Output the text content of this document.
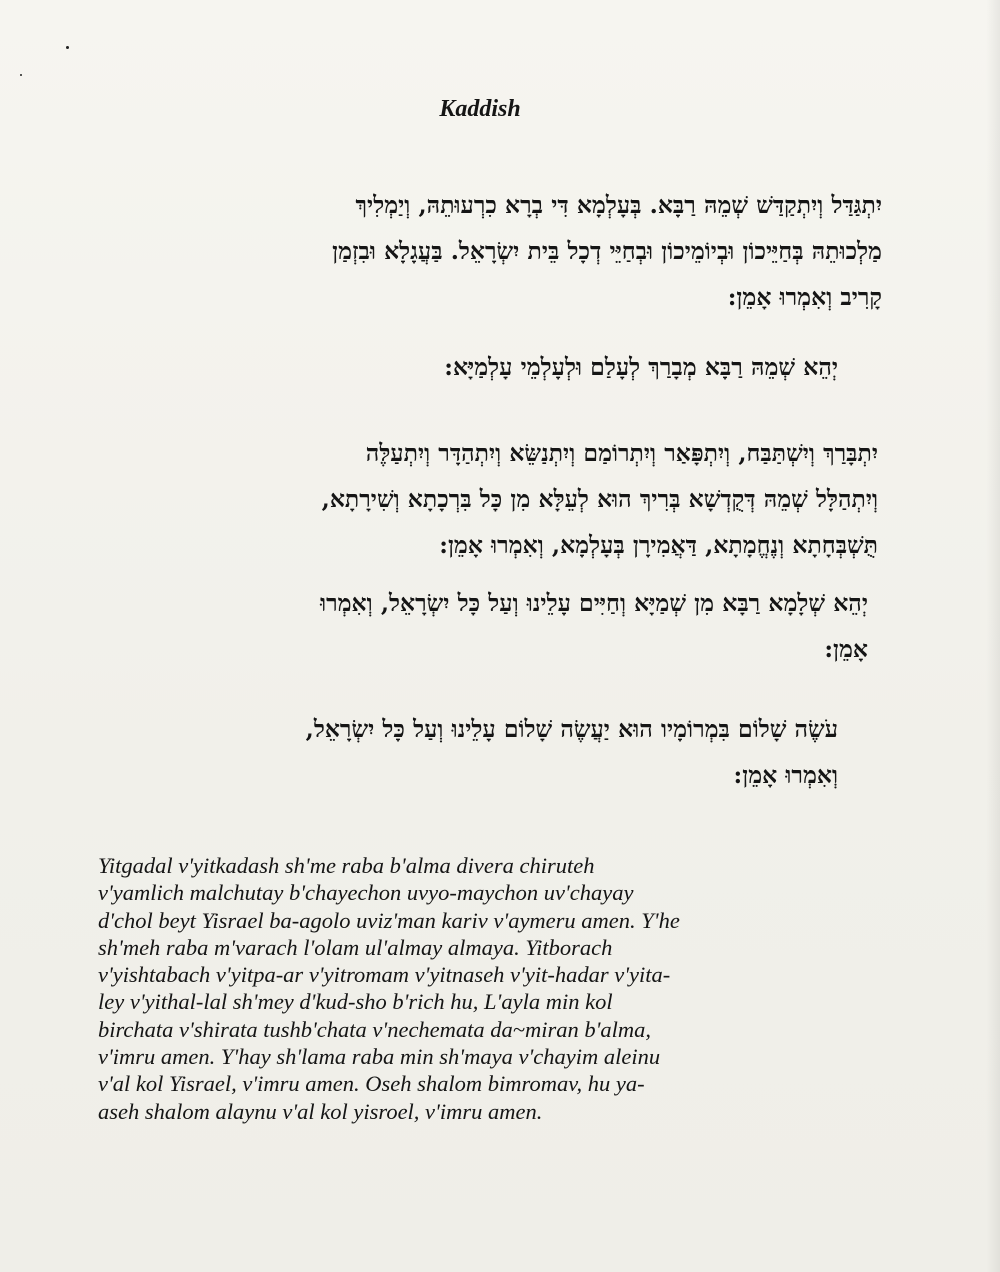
Kaddish
יִתְגַּדַּל וְיִתְקַדַּשׁ שְׁמֵהּ רַבָּא. בְּעָלְמָא דִּי בְרָא כִרְעוּתֵהּ, וְיַמְלִיךְ
מַלְכוּתֵהּ בְּחַיֵּיכוֹן וּבְיוֹמֵיכוֹן וּבְחַיֵּי דְכָל בֵּית יִשְׂרָאֵל. בַּעֲגָלָא וּבִזְמַן
קָרִיב וְאִמְרוּ אָמֵן:
יְהֵא שְׁמֵהּ רַבָּא מְבָרַךְ לְעָלַם וּלְעָלְמֵי עָלְמַיָּא:
יִתְבָּרַךְ וְיִשְׁתַּבַּח, וְיִתְפָּאַר וְיִתְרוֹמַם וְיִתְנַשֵּׂא וְיִתְהַדָּר וְיִתְעַלֶּה
וְיִתְהַלָּל שְׁמֵהּ דְּקֻדְשָׁא בְּרִיךְ הוּא לְעֵלָּא מִן כָּל בִּרְכָתָא וְשִׁירָתָא,
תֻּשְׁבְּחָתָא וְנֶחֱמָתָא, דַּאֲמִירָן בְּעָלְמָא, וְאִמְרוּ אָמֵן:
יְהֵא שְׁלָמָא רַבָּא מִן שְׁמַיָּא וְחַיִּים עָלֵינוּ וְעַל כָּל יִשְׂרָאֵל, וְאִמְרוּ
אָמֵן:
עֹשֶׂה שָׁלוֹם בִּמְרוֹמָיו הוּא יַעֲשֶׂה שָׁלוֹם עָלֵינוּ וְעַל כָּל יִשְׂרָאֵל,
וְאִמְרוּ אָמֵן:
Yitgadal v'yitkadash sh'me raba b'alma divera chiruteh
v'yamlich malchutay b'chayechon uvyo-maychon uv'chayay
d'chol beyt Yisrael ba-agolo uviz'man kariv v'aymeru amen. Y'he
sh'meh raba m'varach l'olam ul'almay almaya. Yitborach
v'yishtabach v'yitpa-ar v'yitromam v'yitnaseh v'yit-hadar v'yita-
ley v'yithal-lal sh'mey d'kud-sho b'rich hu, L'ayla min kol
birchata v'shirata tushb'chata v'nechemata da~miran b'alma,
v'imru amen. Y'hay sh'lama raba min sh'maya v'chayim aleinu
v'al kol Yisrael, v'imru amen. Oseh shalom bimromav, hu ya-
aseh shalom alaynu v'al kol yisroel, v'imru amen.
